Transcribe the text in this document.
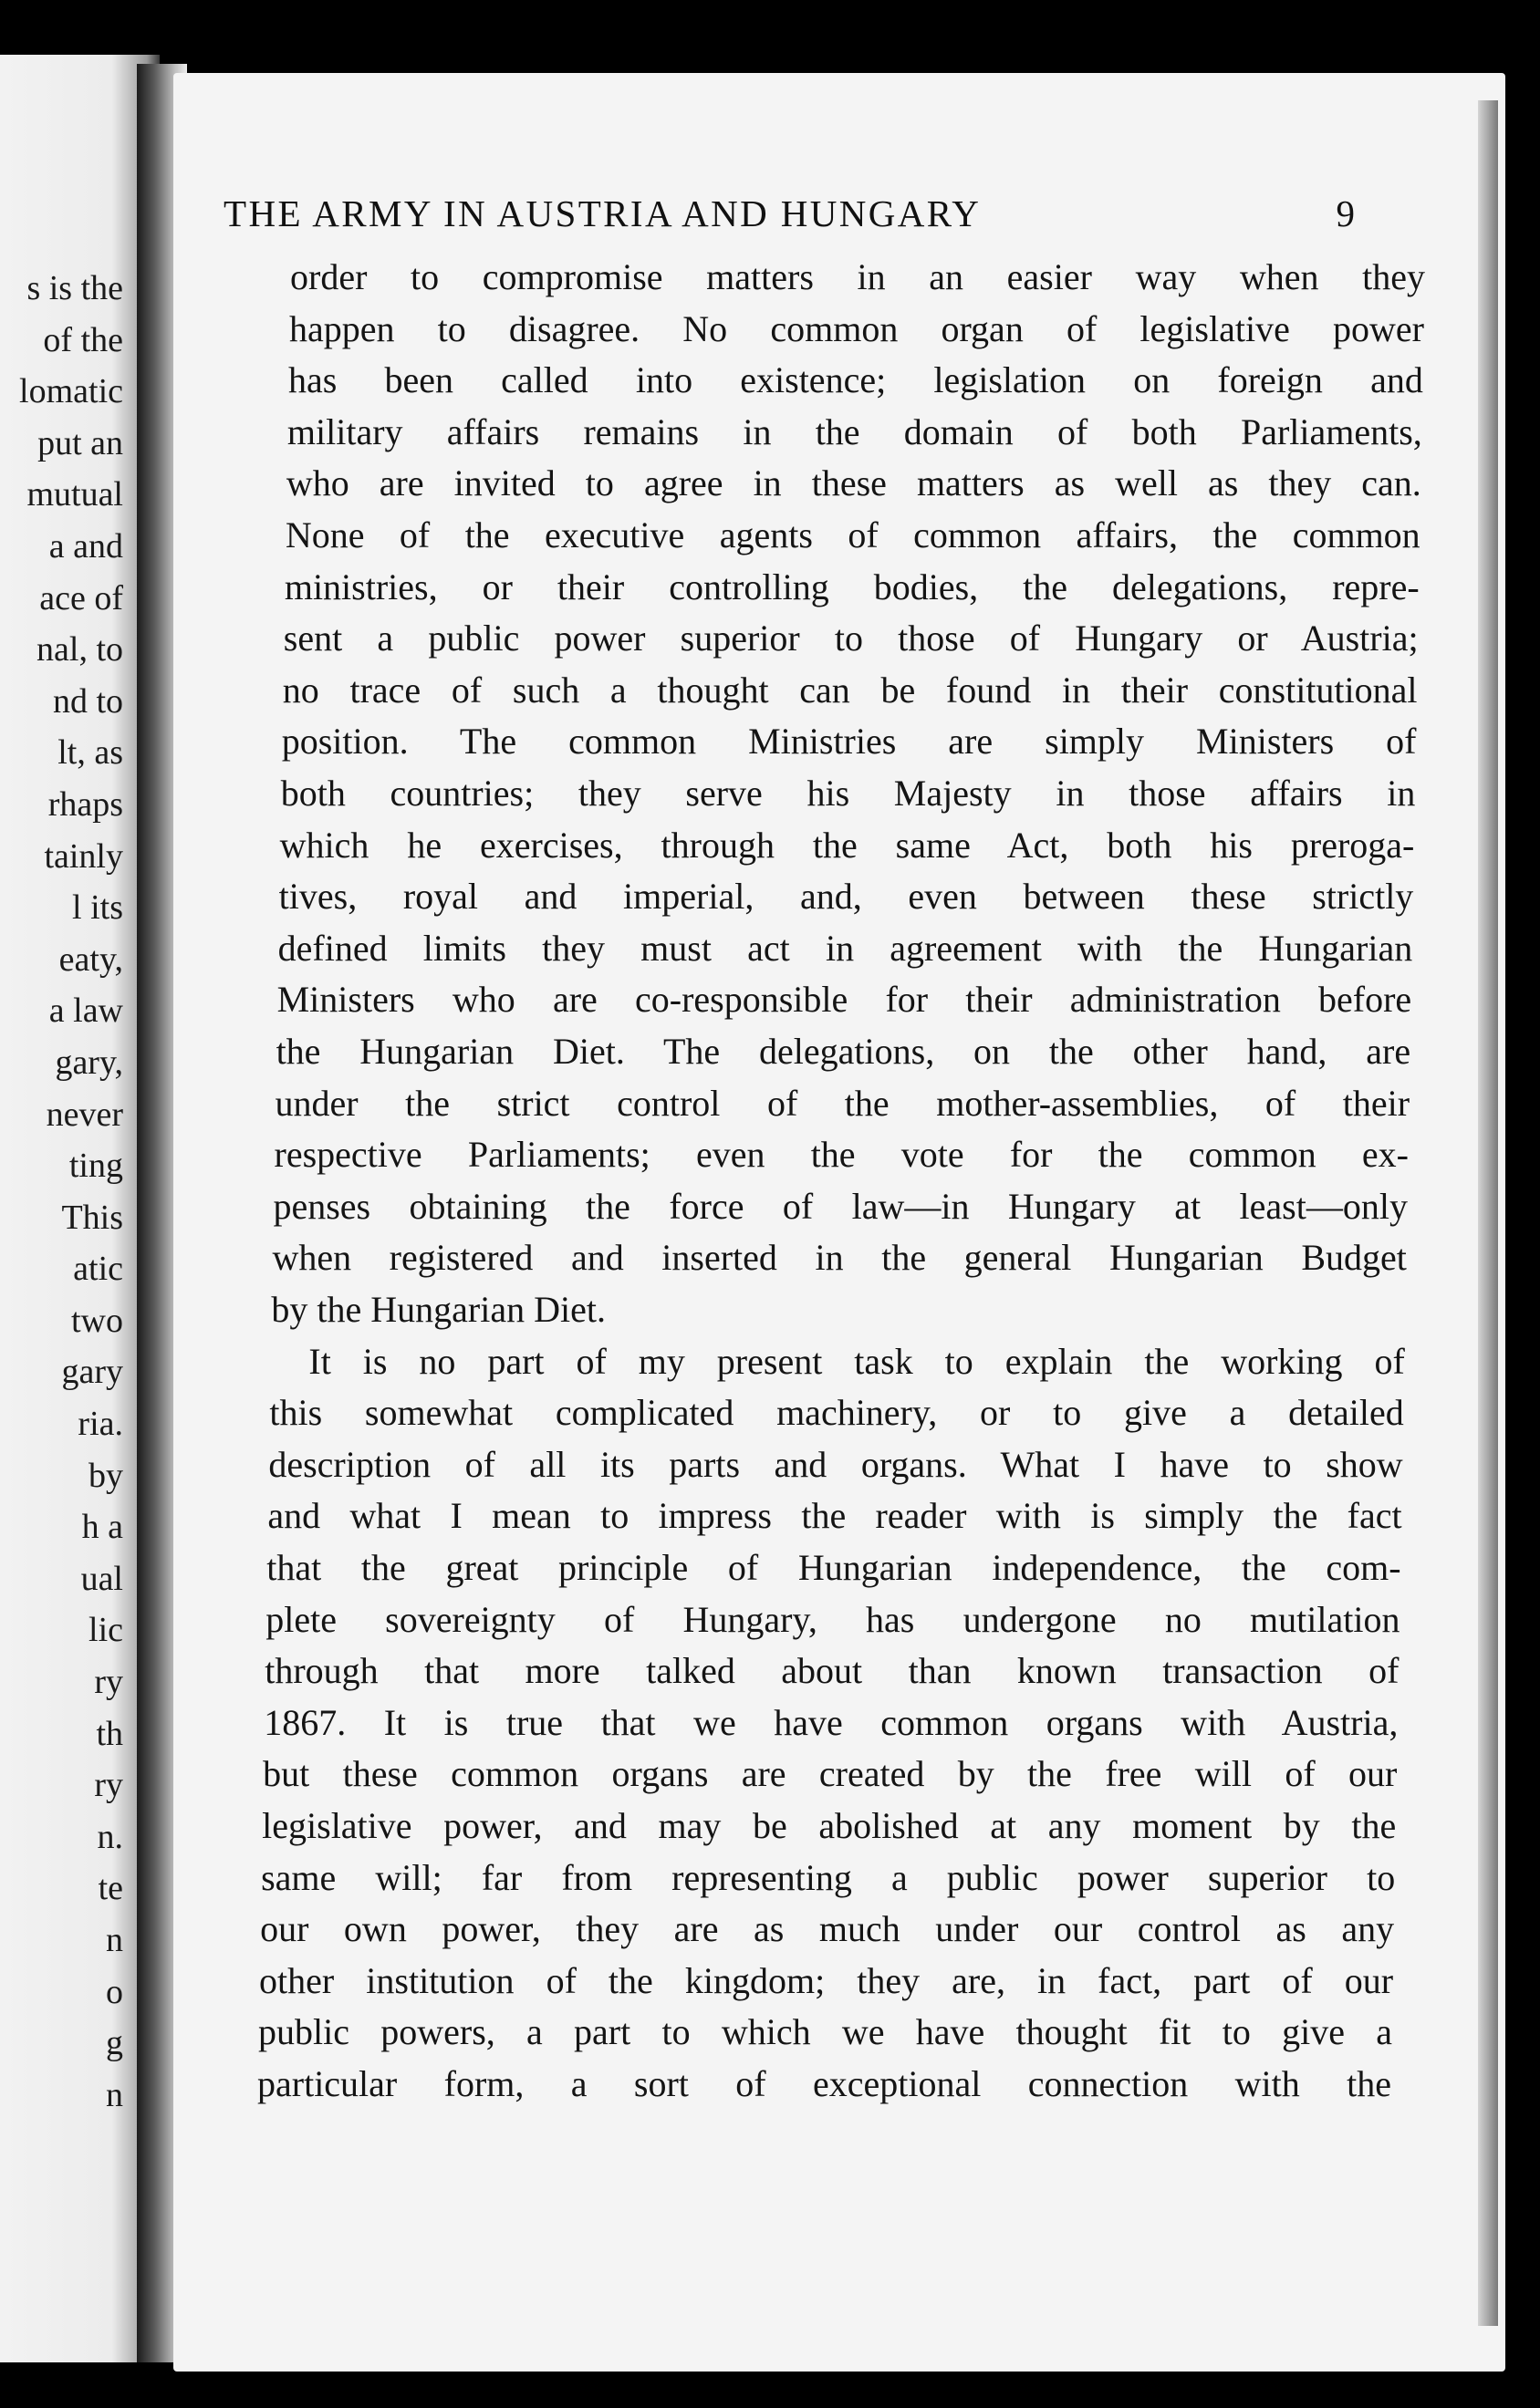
s is the
of the
lomatic
put an
mutual
a and
ace of
nal, to
nd to
lt, as
rhaps
tainly
l its
eaty,
a law
gary,
never
ting
This
atic
two
gary
ria.
by
h a
ual
lic
ry
th
ry
n.
te
n
o
g
n
THE ARMY IN AUSTRIA AND HUNGARY	9
order to compromise matters in an easier way when they
happen to disagree. No common organ of legislative power
has been called into existence; legislation on foreign and
military affairs remains in the domain of both Parliaments,
who are invited to agree in these matters as well as they can.
None of the executive agents of common affairs, the common
ministries, or their controlling bodies, the delegations, repre-
sent a public power superior to those of Hungary or Austria;
no trace of such a thought can be found in their constitutional
position. The common Ministries are simply Ministers of
both countries; they serve his Majesty in those affairs in
which he exercises, through the same Act, both his preroga-
tives, royal and imperial, and, even between these strictly
defined limits they must act in agreement with the Hungarian
Ministers who are co-responsible for their administration before
the Hungarian Diet. The delegations, on the other hand, are
under the strict control of the mother-assemblies, of their
respective Parliaments; even the vote for the common ex-
penses obtaining the force of law—in Hungary at least—only
when registered and inserted in the general Hungarian Budget
by the Hungarian Diet.
It is no part of my present task to explain the working of
this somewhat complicated machinery, or to give a detailed
description of all its parts and organs. What I have to show
and what I mean to impress the reader with is simply the fact
that the great principle of Hungarian independence, the com-
plete sovereignty of Hungary, has undergone no mutilation
through that more talked about than known transaction of
1867. It is true that we have common organs with Austria,
but these common organs are created by the free will of our
legislative power, and may be abolished at any moment by the
same will; far from representing a public power superior to
our own power, they are as much under our control as any
other institution of the kingdom; they are, in fact, part of our
public powers, a part to which we have thought fit to give a
particular form, a sort of exceptional connection with the
